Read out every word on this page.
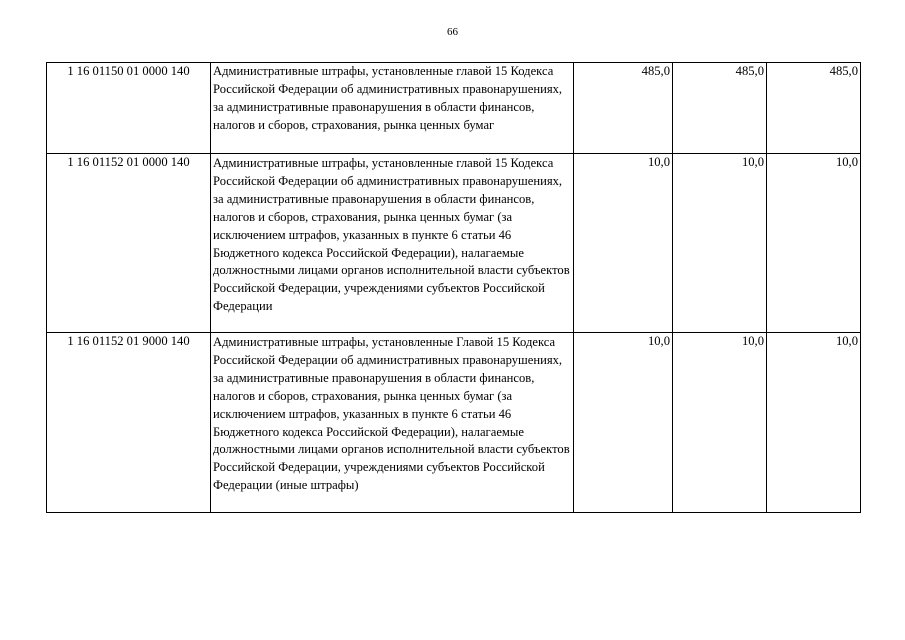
66
1 16 01150 01 0000 140	Административные штрафы, установленные главой 15 Кодекса Российской Федерации об административных правонарушениях, за административные правонарушения в области финансов, налогов и сборов, страхования, рынка ценных бумаг	485,0	485,0	485,0
1 16 01152 01 0000 140	Административные штрафы, установленные главой 15 Кодекса Российской Федерации об административных правонарушениях, за административные правонарушения в области финансов, налогов и сборов, страхования, рынка ценных бумаг (за исключением штрафов, указанных в пункте 6 статьи 46 Бюджетного кодекса Российской Федерации), налагаемые должностными лицами органов исполнительной власти субъектов Российской Федерации, учреждениями субъектов Российской Федерации	10,0	10,0	10,0
1 16 01152 01 9000 140	Административные штрафы, установленные Главой 15 Кодекса Российской Федерации об административных правонарушениях, за административные правонарушения в области финансов, налогов и сборов, страхования, рынка ценных бумаг (за исключением штрафов, указанных в пункте 6 статьи 46 Бюджетного кодекса Российской Федерации), налагаемые должностными лицами органов исполнительной власти субъектов Российской Федерации, учреждениями субъектов Российской Федерации (иные штрафы)	10,0	10,0	10,0
